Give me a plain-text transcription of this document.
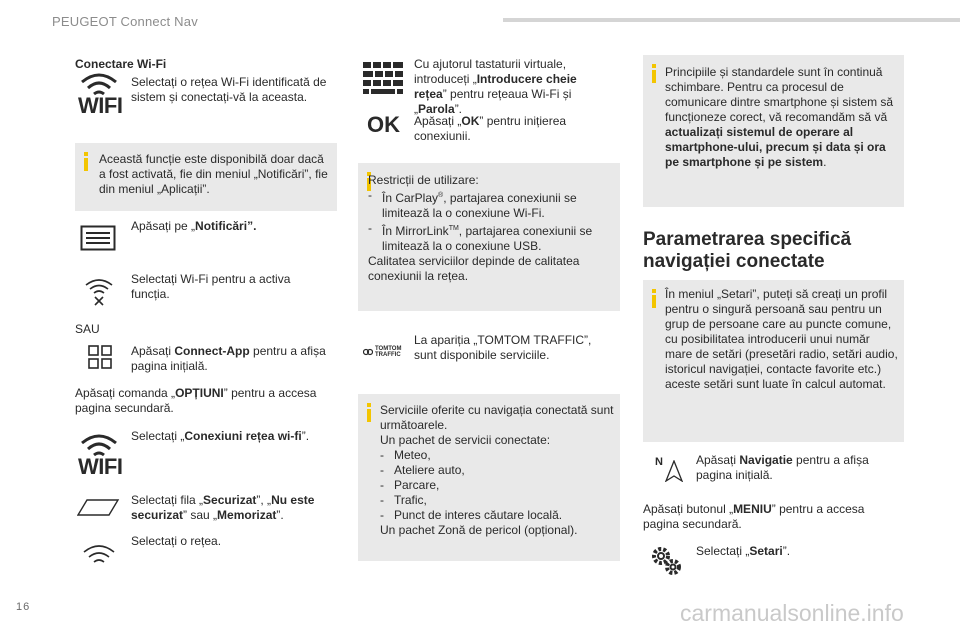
PEUGEOT Connect Nav
Conectare Wi-Fi
WIFI
Selectați o rețea Wi-Fi identificată de sistem și conectați-vă la aceasta.
Această funcție este disponibilă doar dacă a fost activată, fie din meniul „Notificări”, fie din meniul „Aplicații”.
Apăsați pe „Notificări”.
Selectați Wi-Fi pentru a activa funcția.
SAU
Apăsați Connect-App pentru a afișa pagina inițială.
Apăsați comanda „OPȚIUNI” pentru a accesa pagina secundară.
WIFI
Selectați „Conexiuni rețea wi-fi”.
Selectați fila „Securizat”, „Nu este securizat” sau „Memorizat”.
Selectați o rețea.
Cu ajutorul tastaturii virtuale, introduceți „Introducere cheie rețea” pentru rețeaua Wi-Fi și „Parola”.
OK Apăsați „OK” pentru inițierea conexiunii.
Restricții de utilizare:
- În CarPlay®, partajarea conexiunii se limitează la o conexiune Wi-Fi.
- În MirrorLink™, partajarea conexiunii se limitează la o conexiune USB.
Calitatea serviciilor depinde de calitatea conexiunii la rețea.
TOMTOM
TRAFFIC
La apariția „TOMTOM TRAFFIC”, sunt disponibile serviciile.
Serviciile oferite cu navigația conectată sunt următoarele.
Un pachet de servicii conectate:
- Meteo,
- Ateliere auto,
- Parcare,
- Trafic,
- Punct de interes căutare locală.
Un pachet Zonă de pericol (opțional).
Principiile și standardele sunt în continuă schimbare. Pentru ca procesul de comunicare dintre smartphone și sistem să funcționeze corect, vă recomandăm să vă actualizați sistemul de operare al smartphone-ului, precum și data și ora pe smartphone și pe sistem.
Parametrarea specifică
navigației conectate
În meniul „Setari”, puteți să creați un profil pentru o singură persoană sau pentru un grup de persoane care au puncte comune, cu posibilitatea introducerii unui număr mare de setări (presetări radio, setări audio, istoricul navigației, contacte favorite etc.) aceste setări sunt luate în calcul automat.
N	Apăsați Navigatie pentru a afișa pagina inițială.
Apăsați butonul „MENIU” pentru a accesa pagina secundară.
Selectați „Setari”.
16	carmanualsonline.info
